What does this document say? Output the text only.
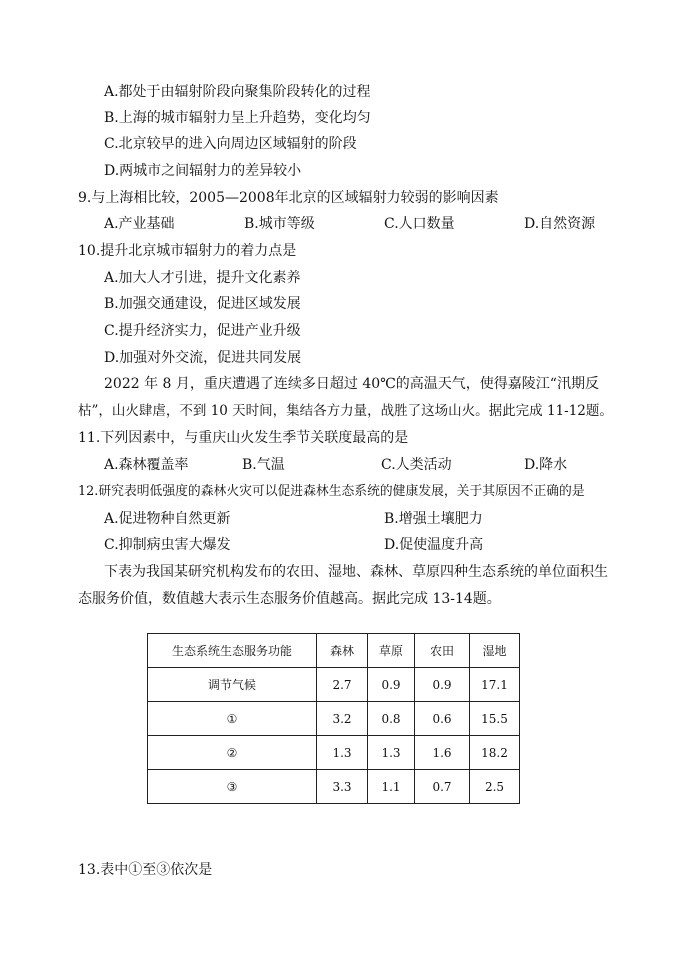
A.都处于由辐射阶段向聚集阶段转化的过程
B.上海的城市辐射力呈上升趋势，变化均匀
C.北京较早的进入向周边区域辐射的阶段
D.两城市之间辐射力的差异较小
9.与上海相比较，2005—2008年北京的区域辐射力较弱的影响因素
A.产业基础	B.城市等级	C.人口数量	D.自然资源
10.提升北京城市辐射力的着力点是
A.加大人才引进，提升文化素养
B.加强交通建设，促进区域发展
C.提升经济实力，促进产业升级
D.加强对外交流，促进共同发展
2022 年 8 月，重庆遭遇了连续多日超过 40℃的高温天气，使得嘉陵江“汛期反
枯”，山火肆虐，不到 10 天时间，集结各方力量，战胜了这场山火。据此完成 11-12题。
11.下列因素中，与重庆山火发生季节关联度最高的是
A.森林覆盖率	B.气温	C.人类活动	D.降水
12.研究表明低强度的森林火灾可以促进森林生态系统的健康发展，关于其原因不正确的是
A.促进物种自然更新	B.增强土壤肥力
C.抑制病虫害大爆发	D.促使温度升高
下表为我国某研究机构发布的农田、湿地、森林、草原四种生态系统的单位面积生
态服务价值，数值越大表示生态服务价值越高。据此完成 13-14题。
生态系统生态服务功能	森林	草原	农田	湿地
调节气候	2.7	0.9	0.9	17.1
①	3.2	0.8	0.6	15.5
②	1.3	1.3	1.6	18.2
③	3.3	1.1	0.7	2.5
13.表中①至③依次是
